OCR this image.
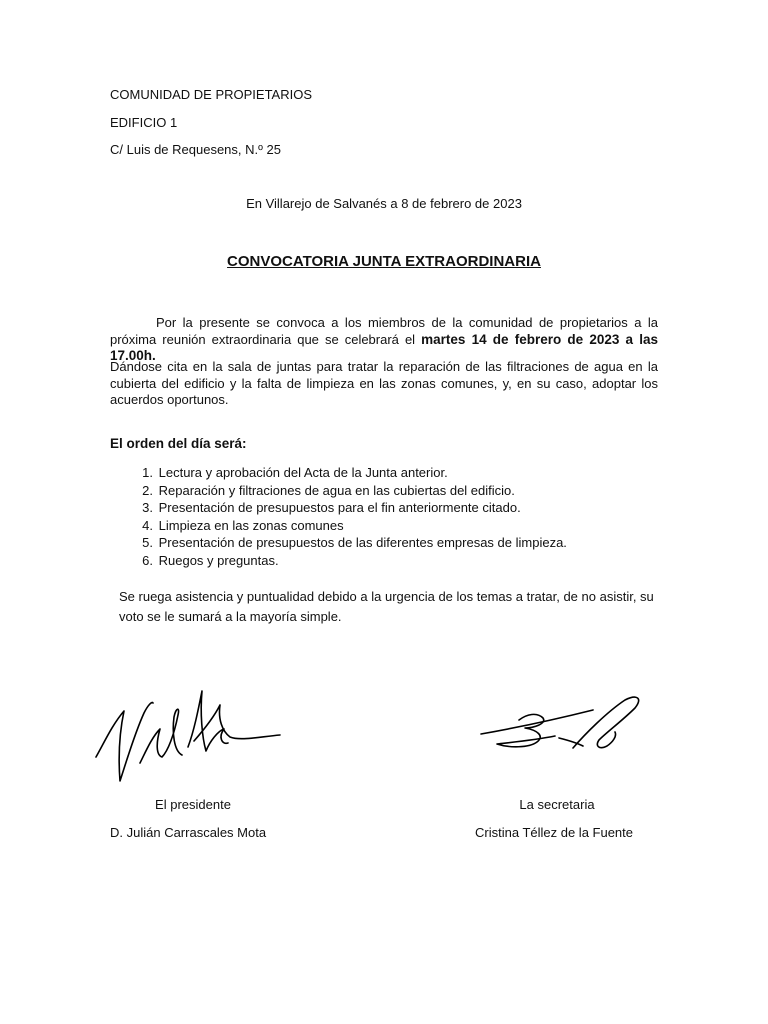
COMUNIDAD DE PROPIETARIOS
EDIFICIO 1
C/ Luis de Requesens, N.º 25
En Villarejo de Salvanés a 8 de febrero de 2023
CONVOCATORIA JUNTA EXTRAORDINARIA
Por la presente se convoca a los miembros de la comunidad de propietarios a la próxima reunión extraordinaria que se celebrará el martes 14 de febrero de 2023 a las 17.00h.
Dándose cita en la sala de juntas para tratar la reparación de las filtraciones de agua en la cubierta del edificio y la falta de limpieza en las zonas comunes, y, en su caso, adoptar los acuerdos oportunos.
El orden del día será:
1. Lectura y aprobación del Acta de la Junta anterior.
2. Reparación y filtraciones de agua en las cubiertas del edificio.
3. Presentación de presupuestos para el fin anteriormente citado.
4. Limpieza en las zonas comunes
5. Presentación de presupuestos de las diferentes empresas de limpieza.
6. Ruegos y preguntas.
Se ruega asistencia y puntualidad debido a la urgencia de los temas a tratar, de no asistir, su voto se le sumará a la mayoría simple.
El presidente
D. Julián Carrascales Mota
La secretaria
Cristina Téllez de la Fuente
